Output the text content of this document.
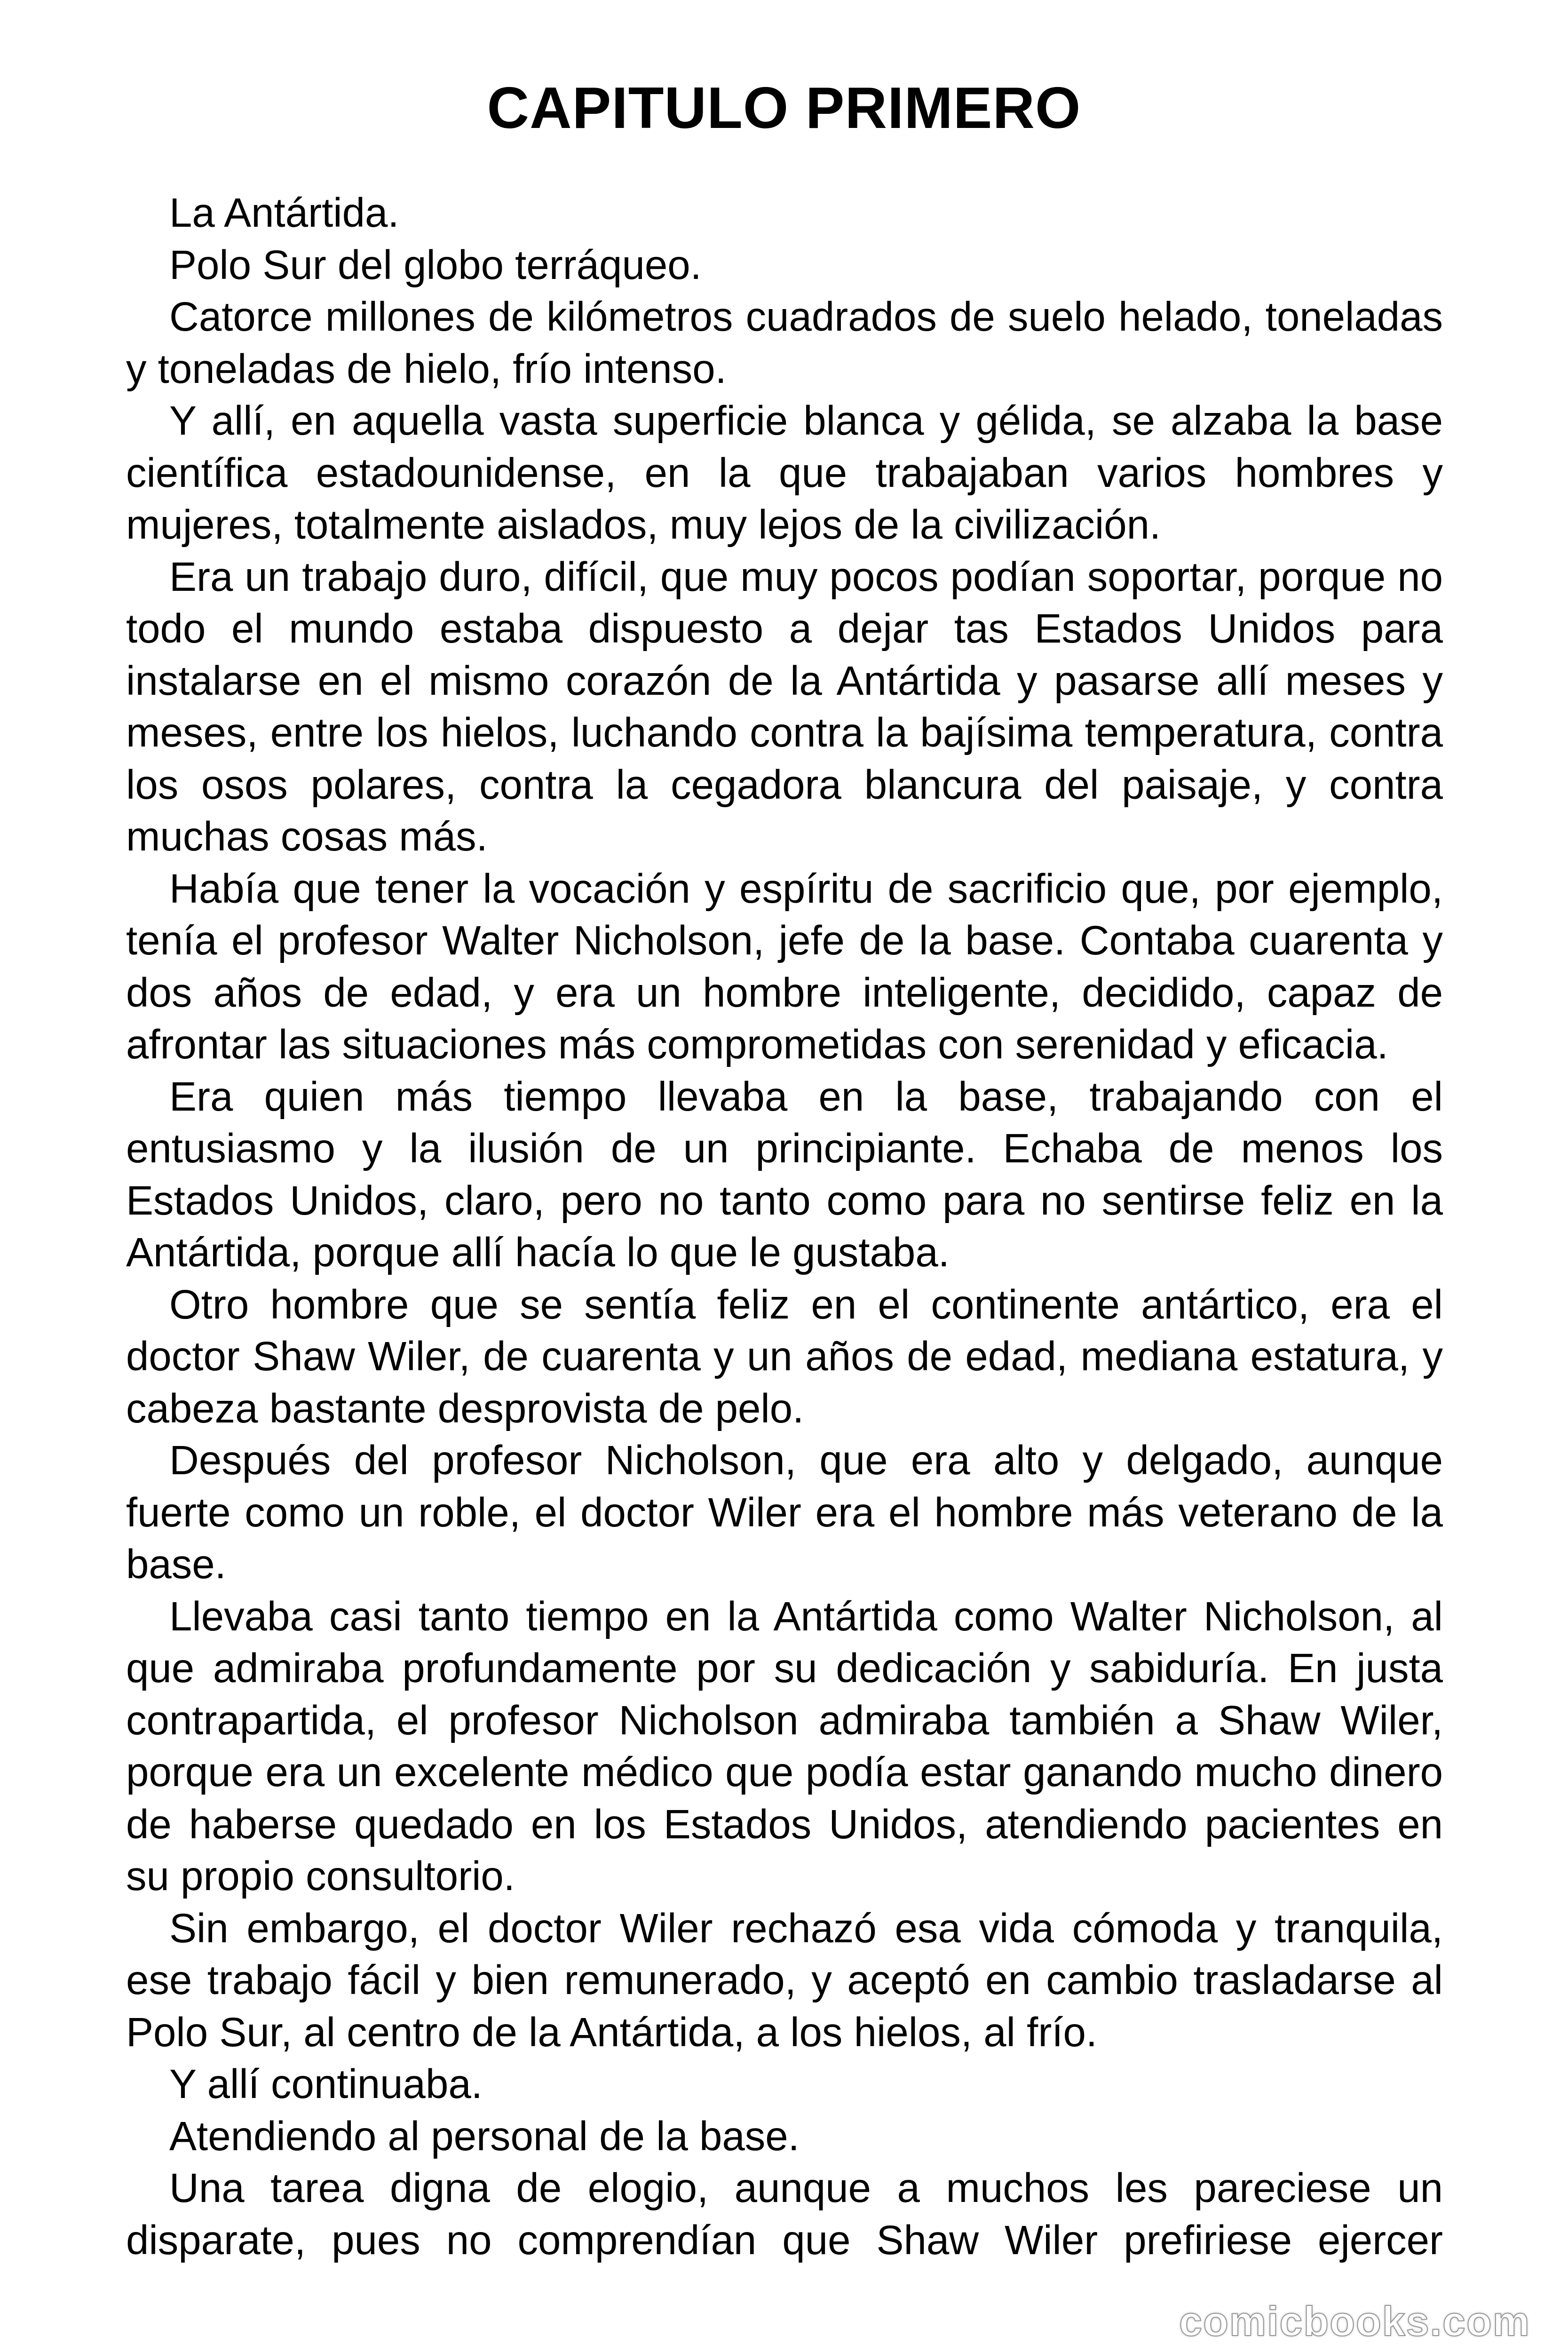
CAPITULO PRIMERO

La Antártida.

Polo Sur del globo terráqueo.

Catorce millones de kilómetros cuadrados de suelo helado, toneladas y toneladas de hielo, frío intenso.

Y allí, en aquella vasta superficie blanca y gélida, se alzaba la base científica estadounidense, en la que trabajaban varios hombres y mujeres, totalmente aislados, muy lejos de la civilización.

Era un trabajo duro, difícil, que muy pocos podían soportar, porque no todo el mundo estaba dispuesto a dejar tas Estados Unidos para instalarse en el mismo corazón de la Antártida y pasarse allí meses y meses, entre los hielos, luchando contra la bajísima temperatura, contra los osos polares, contra la cegadora blancura del paisaje, y contra muchas cosas más.

Había que tener la vocación y espíritu de sacrificio que, por ejemplo, tenía el profesor Walter Nicholson, jefe de la base. Contaba cuarenta y dos años de edad, y era un hombre inteligente, decidido, capaz de afrontar las situaciones más comprometidas con serenidad y eficacia.

Era quien más tiempo llevaba en la base, trabajando con el entusiasmo y la ilusión de un principiante. Echaba de menos los Estados Unidos, claro, pero no tanto como para no sentirse feliz en la Antártida, porque allí hacía lo que le gustaba.

Otro hombre que se sentía feliz en el continente antártico, era el doctor Shaw Wiler, de cuarenta y un años de edad, mediana estatura, y cabeza bastante desprovista de pelo.

Después del profesor Nicholson, que era alto y delgado, aunque fuerte como un roble, el doctor Wiler era el hombre más veterano de la base.

Llevaba casi tanto tiempo en la Antártida como Walter Nicholson, al que admiraba profundamente por su dedicación y sabiduría. En justa contrapartida, el profesor Nicholson admiraba también a Shaw Wiler, porque era un excelente médico que podía estar ganando mucho dinero de haberse quedado en los Estados Unidos, atendiendo pacientes en su propio consultorio.

Sin embargo, el doctor Wiler rechazó esa vida cómoda y tranquila, ese trabajo fácil y bien remunerado, y aceptó en cambio trasladarse al Polo Sur, al centro de la Antártida, a los hielos, al frío.

Y allí continuaba.

Atendiendo al personal de la base.

Una tarea digna de elogio, aunque a muchos les pareciese un disparate, pues no comprendían que Shaw Wiler prefiriese ejercer

comicbooks.com
